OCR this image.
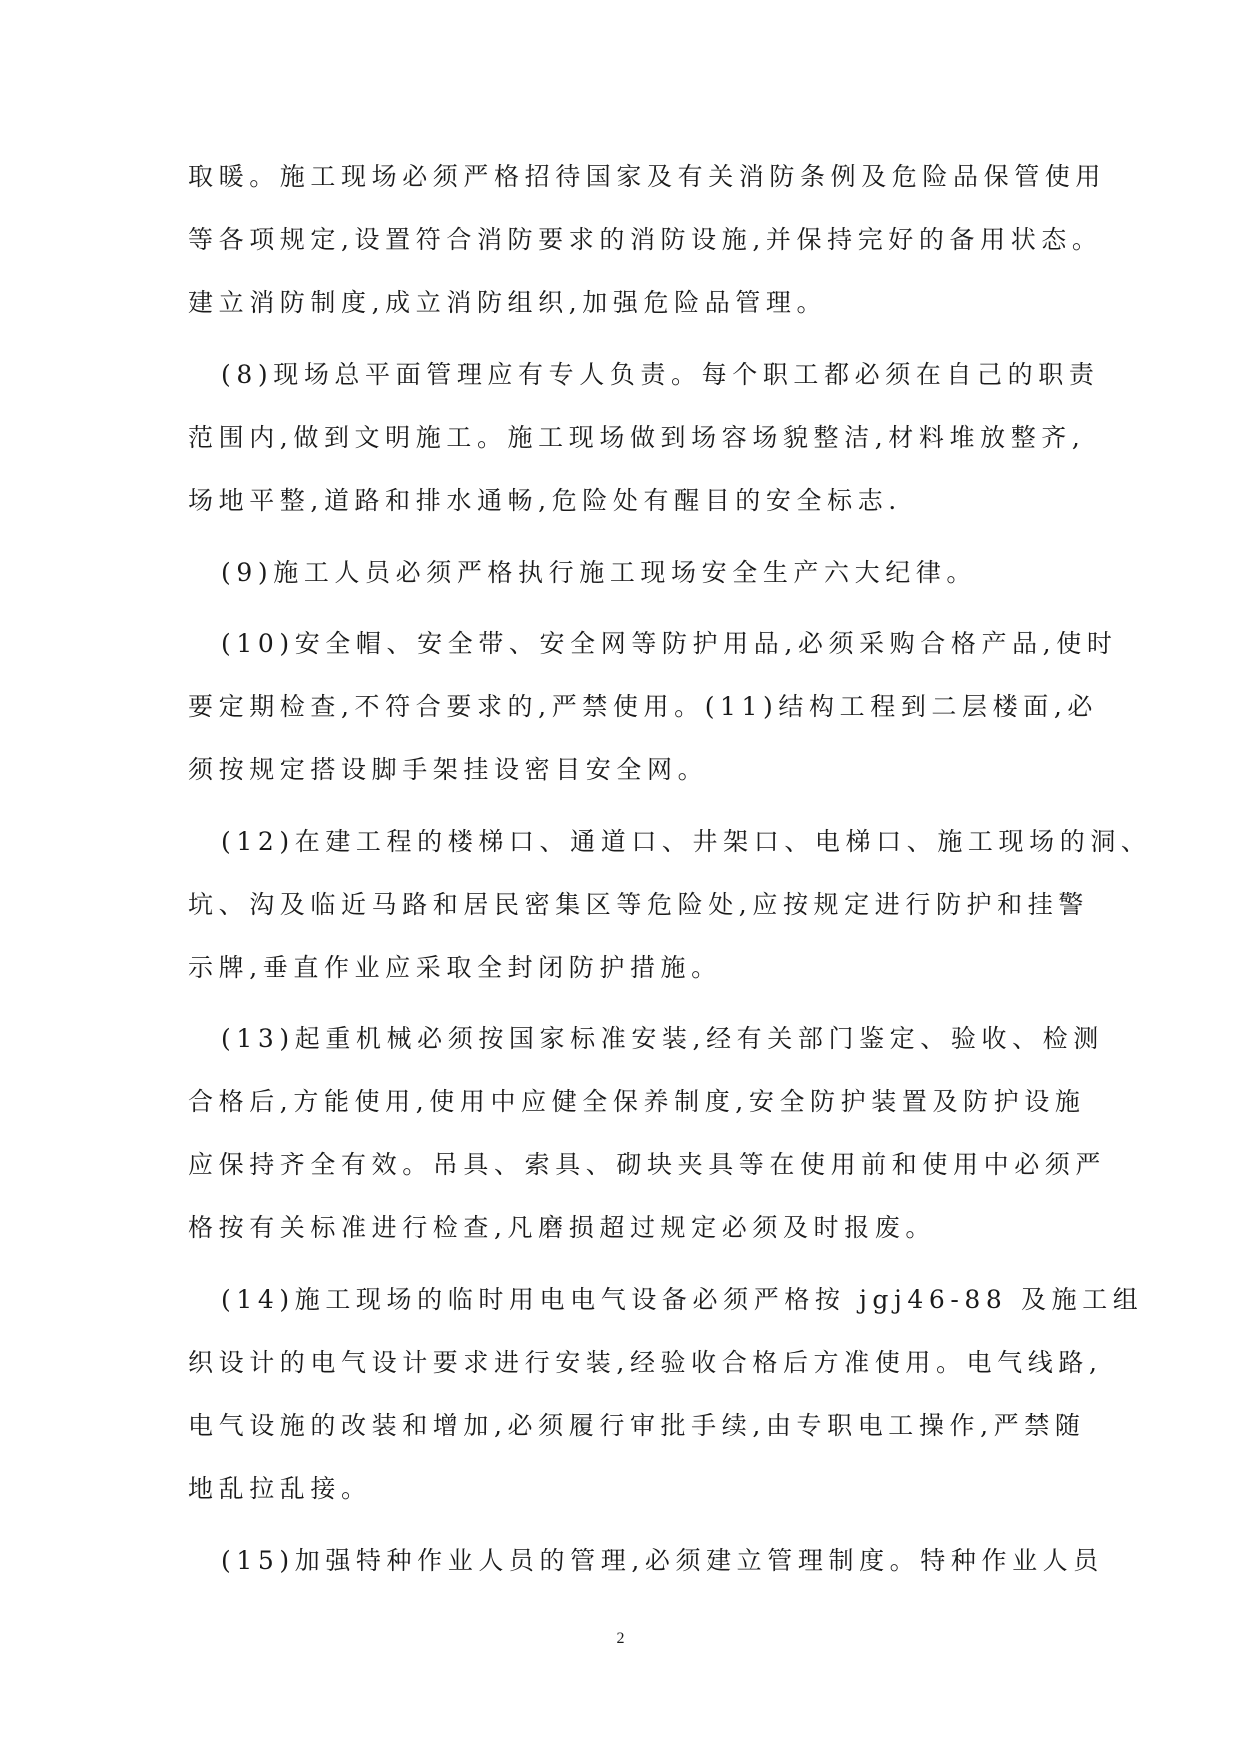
取暖。施工现场必须严格招待国家及有关消防条例及危险品保管使用
等各项规定,设置符合消防要求的消防设施,并保持完好的备用状态。
建立消防制度,成立消防组织,加强危险品管理。
(8)现场总平面管理应有专人负责。每个职工都必须在自己的职责
范围内,做到文明施工。施工现场做到场容场貌整洁,材料堆放整齐,
场地平整,道路和排水通畅,危险处有醒目的安全标志.
(9)施工人员必须严格执行施工现场安全生产六大纪律。
(10)安全帽、安全带、安全网等防护用品,必须采购合格产品,使时
要定期检查,不符合要求的,严禁使用。(11)结构工程到二层楼面,必
须按规定搭设脚手架挂设密目安全网。
(12)在建工程的楼梯口、通道口、井架口、电梯口、施工现场的洞、
坑、沟及临近马路和居民密集区等危险处,应按规定进行防护和挂警
示牌,垂直作业应采取全封闭防护措施。
(13)起重机械必须按国家标准安装,经有关部门鉴定、验收、检测
合格后,方能使用,使用中应健全保养制度,安全防护装置及防护设施
应保持齐全有效。吊具、索具、砌块夹具等在使用前和使用中必须严
格按有关标准进行检查,凡磨损超过规定必须及时报废。
(14)施工现场的临时用电电气设备必须严格按 jgj46-88 及施工组
织设计的电气设计要求进行安装,经验收合格后方准使用。电气线路,
电气设施的改装和增加,必须履行审批手续,由专职电工操作,严禁随
地乱拉乱接。
(15)加强特种作业人员的管理,必须建立管理制度。特种作业人员
2
